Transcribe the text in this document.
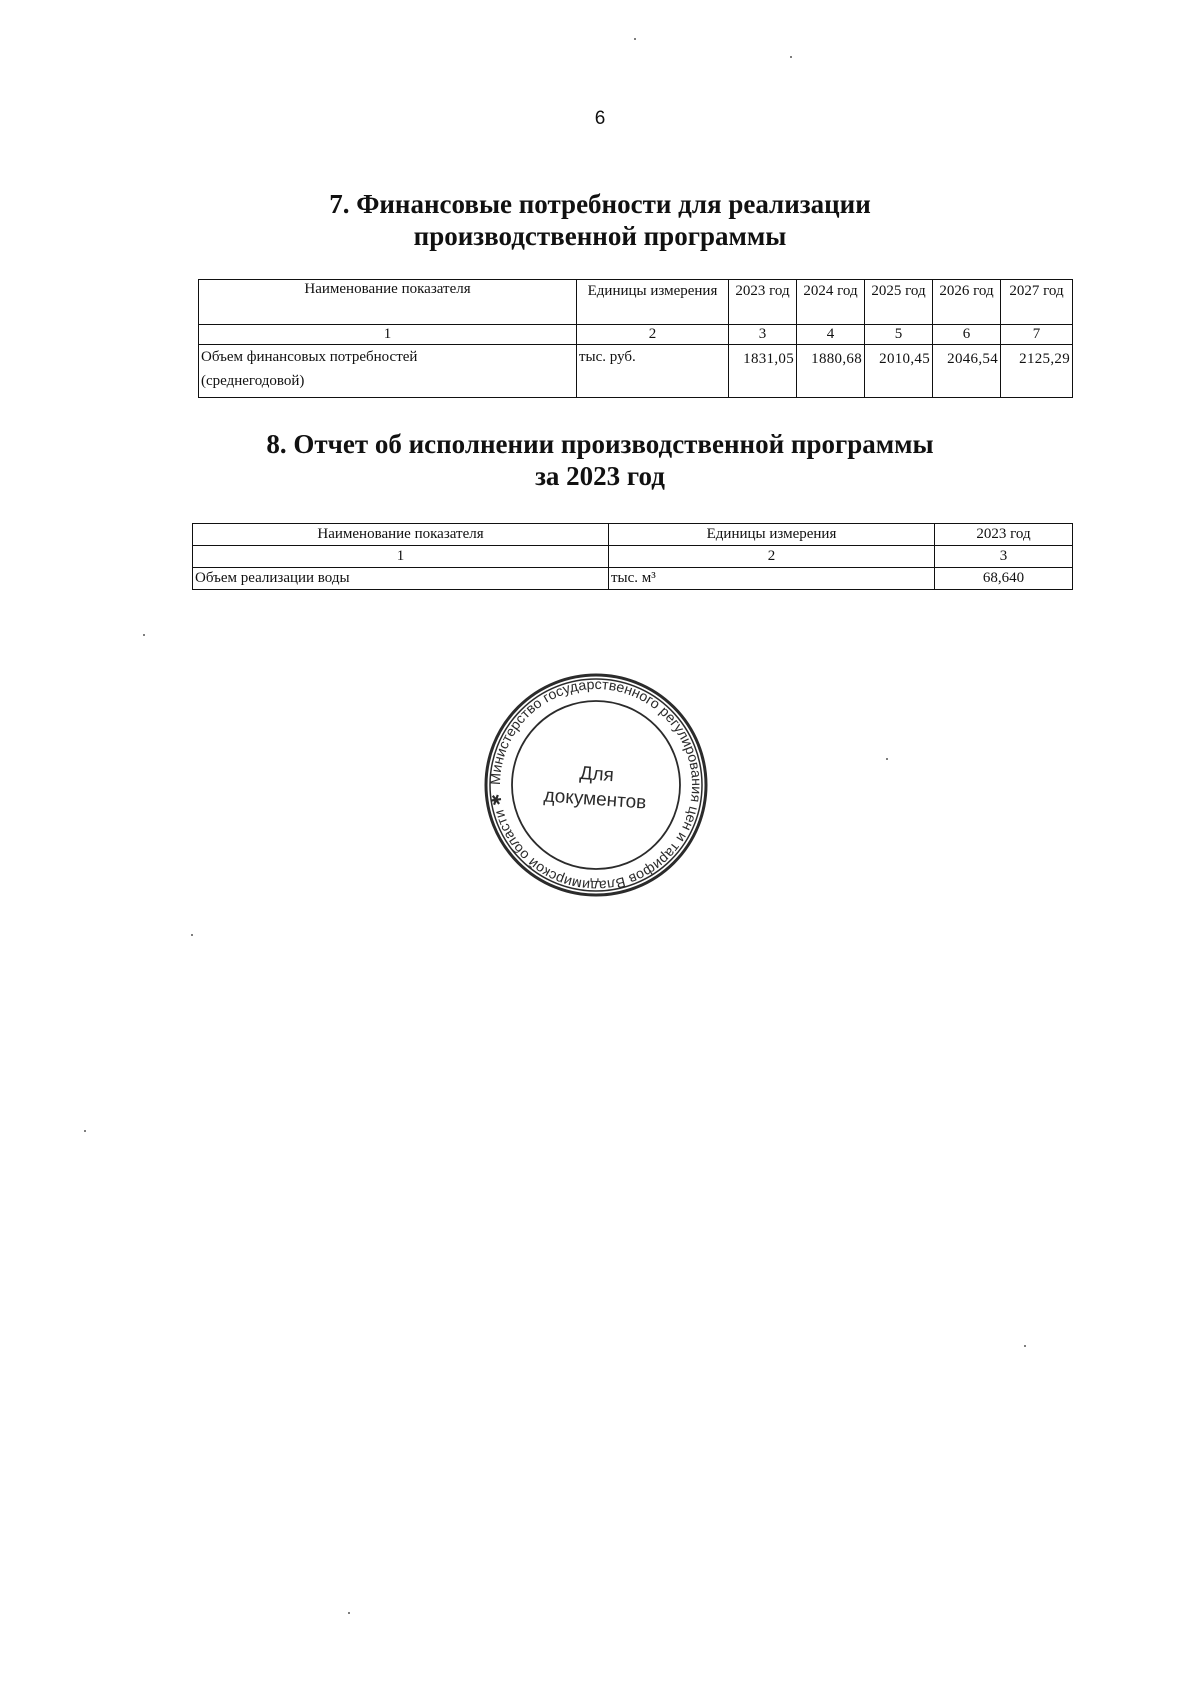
6
7. Финансовые потребности для реализации
производственной программы
Наименование показателя	Единицы измерения	2023 год	2024 год	2025 год	2026 год	2027 год
1	2	3	4	5	6	7

Объем финансовых потребностей
(среднегодовой)	тыс. руб.	1831,05	1880,68	2010,45	2046,54	2125,29
8. Отчет об исполнении производственной программы
за 2023 год
Наименование показателя	Единицы измерения	2023 год
1	2	3
Объем реализации воды	тыс. м³	68,640
Министерство государственного регулирования цен и тарифов Владимирской области ✱
Для
документов
